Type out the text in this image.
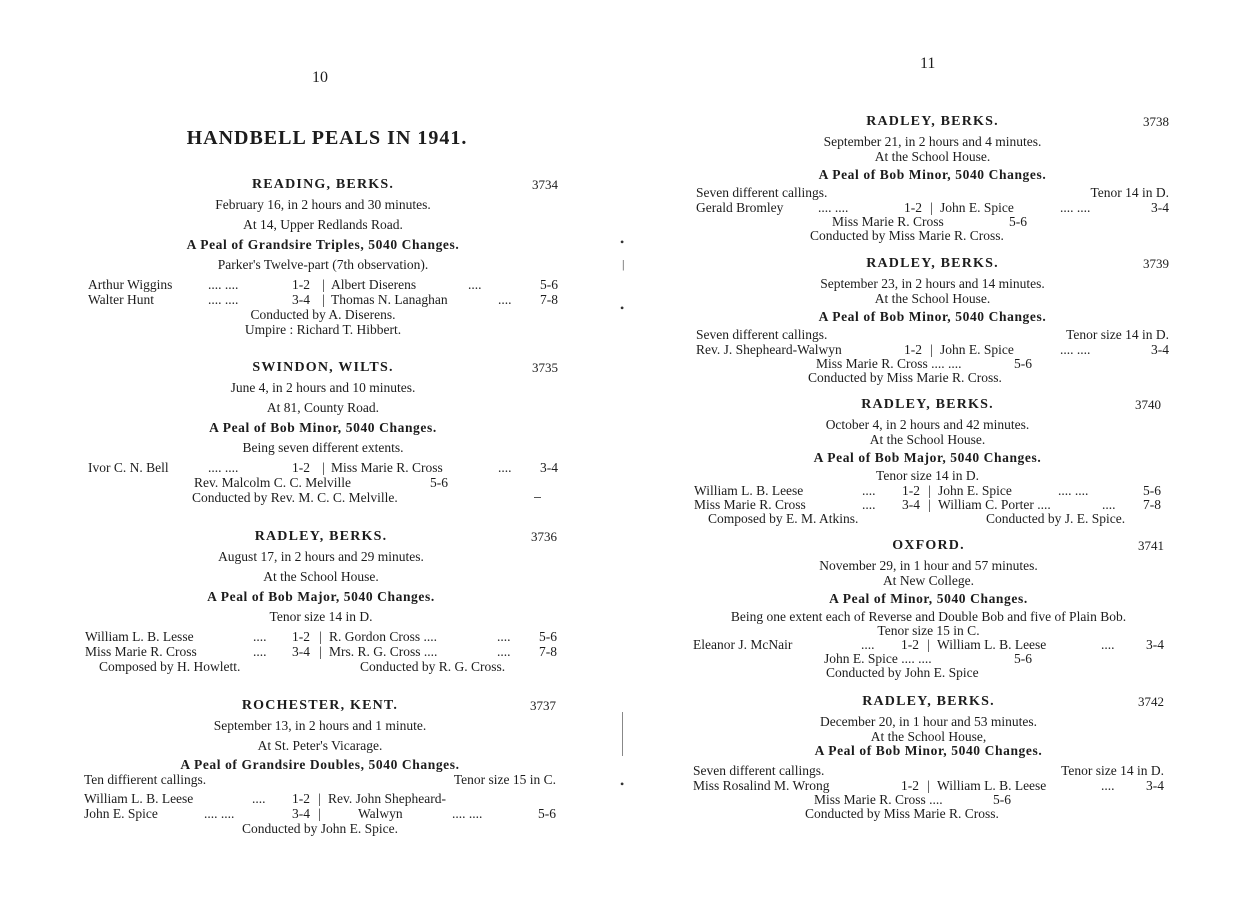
10
HANDBELL PEALS IN 1941.
READING, BERKS.	3734
February 16, in 2 hours and 30 minutes.
At 14, Upper Redlands Road.
A Peal of Grandsire Triples, 5040 Changes.
Parker's Twelve-part (7th observation).
Arthur Wiggins	.... ....	1-2 | Albert Diserens	....	5-6
Walter Hunt	.... ....	3-4 | Thomas N. Lanaghan	.... 7-8
Conducted by A. Diserens.
Umpire : Richard T. Hibbert.
SWINDON, WILTS.	3735
June 4, in 2 hours and 10 minutes.
At 81, County Road.
A Peal of Bob Minor, 5040 Changes.
Being seven different extents.
Ivor C. N. Bell	.... ....	1-2 | Miss Marie R. Cross	.... 3-4
Rev. Malcolm C. C. Melville	5-6
Conducted by Rev. M. C. C. Melville.
RADLEY, BERKS.	3736
August 17, in 2 hours and 29 minutes.
At the School House.
A Peal of Bob Major, 5040 Changes.
Tenor size 14 in D.
William L. B. Lesse	.... 1-2 | R. Gordon Cross ....	.... 5-6
Miss Marie R. Cross	.... 3-4 | Mrs. R. G. Cross ....	.... 7-8
Composed by H. Howlett.	Conducted by R. G. Cross.
ROCHESTER, KENT.	3737
September 13, in 2 hours and 1 minute.
At St. Peter's Vicarage.
A Peal of Grandsire Doubles, 5040 Changes.
Ten diffierent callings.	Tenor size 15 in C.
William L. B. Leese	.... 1-2 | Rev. John Shepheard-
John E. Spice	.... ....	3-4 |	Walwyn	.... ....	5-6
Conducted by John E. Spice.
•
|
•
•
11
RADLEY, BERKS.	3738
September 21, in 2 hours and 4 minutes.
At the School House.
A Peal of Bob Minor, 5040 Changes.
Seven different callings.	Tenor 14 in D.
Gerald Bromley	.... ....	1-2 | John E. Spice	.... ....	3-4
Miss Marie R. Cross	5-6
Conducted by Miss Marie R. Cross.
RADLEY, BERKS.	3739
September 23, in 2 hours and 14 minutes.
At the School House.
A Peal of Bob Minor, 5040 Changes.
Seven different callings.	Tenor size 14 in D.
Rev. J. Shepheard-Walwyn	1-2 | John E. Spice	.... ....	3-4
Miss Marie R. Cross .... ....	5-6
Conducted by Miss Marie R. Cross.
RADLEY, BERKS.	3740
October 4, in 2 hours and 42 minutes.
At the School House.
A Peal of Bob Major, 5040 Changes.
Tenor size 14 in D.
William L. B. Leese	.... 1-2 | John E. Spice	.... ....	5-6
Miss Marie R. Cross	.... 3-4 | William C. Porter ....	.... 7-8
Composed by E. M. Atkins.	Conducted by J. E. Spice.
OXFORD.	3741
November 29, in 1 hour and 57 minutes.
At New College.
A Peal of Minor, 5040 Changes.
Being one extent each of Reverse and Double Bob and five of Plain Bob.
Tenor size 15 in C.
Eleanor J. McNair	.... 1-2 | William L. B. Leese	.... 3-4
John E. Spice .... ....	5-6
Conducted by John E. Spice
RADLEY, BERKS.	3742
December 20, in 1 hour and 53 minutes.
At the School House,
A Peal of Bob Minor, 5040 Changes.
Seven different callings.	Tenor size 14 in D.
Miss Rosalind M. Wrong	1-2 | William L. B. Leese	.... 3-4
Miss Marie R. Cross ....	5-6
Conducted by Miss Marie R. Cross.
